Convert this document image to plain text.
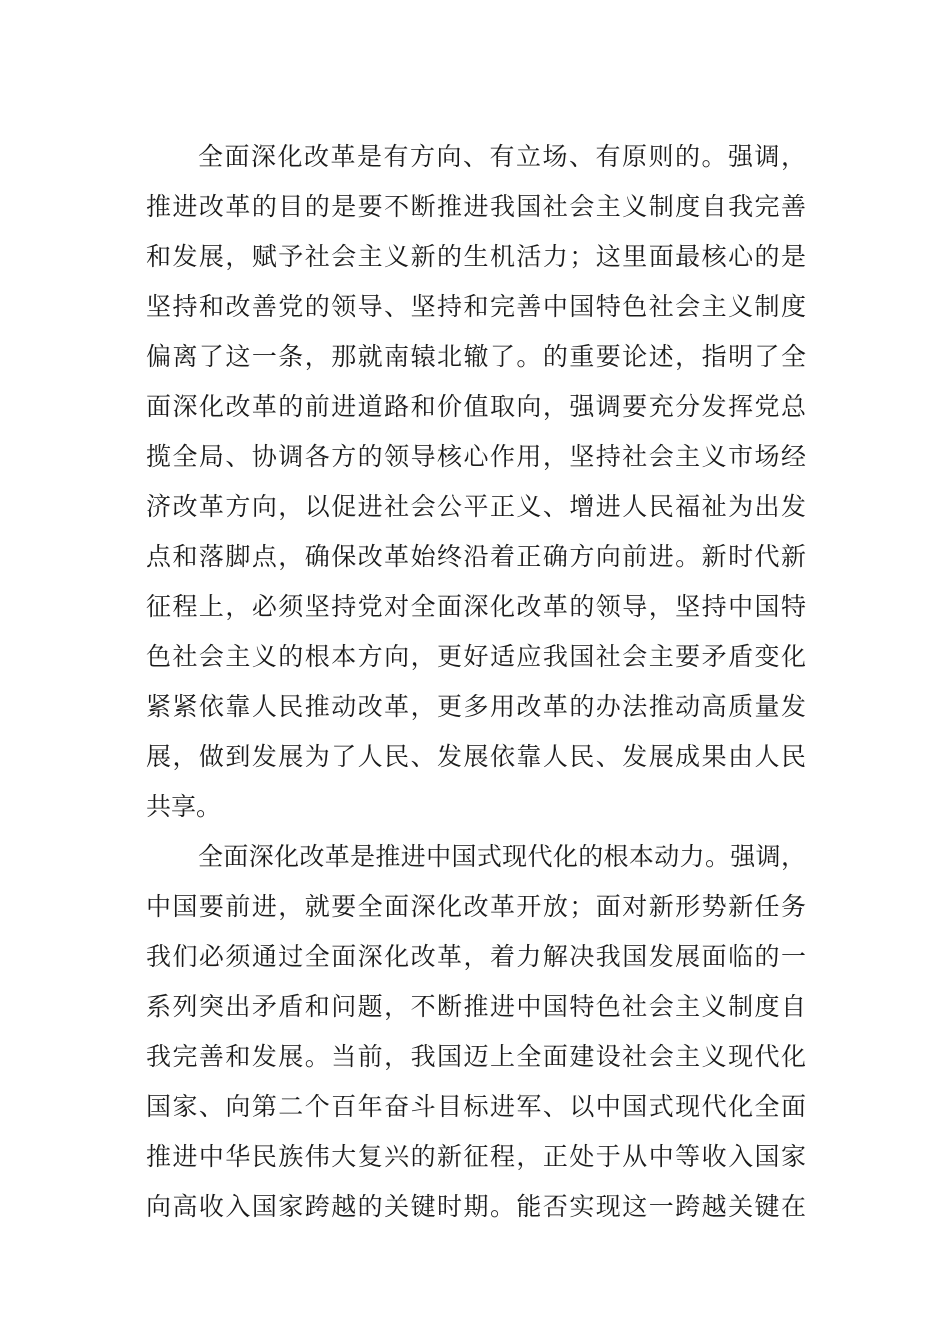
全面深化改革是有方向、有立场、有原则的。强调，
推进改革的目的是要不断推进我国社会主义制度自我完善
和发展，赋予社会主义新的生机活力；这里面最核心的是
坚持和改善党的领导、坚持和完善中国特色社会主义制度
偏离了这一条，那就南辕北辙了。的重要论述，指明了全
面深化改革的前进道路和价值取向，强调要充分发挥党总
揽全局、协调各方的领导核心作用，坚持社会主义市场经
济改革方向，以促进社会公平正义、增进人民福祉为出发
点和落脚点，确保改革始终沿着正确方向前进。新时代新
征程上，必须坚持党对全面深化改革的领导，坚持中国特
色社会主义的根本方向，更好适应我国社会主要矛盾变化
紧紧依靠人民推动改革，更多用改革的办法推动高质量发
展，做到发展为了人民、发展依靠人民、发展成果由人民
共享。
全面深化改革是推进中国式现代化的根本动力。强调，
中国要前进，就要全面深化改革开放；面对新形势新任务
我们必须通过全面深化改革，着力解决我国发展面临的一
系列突出矛盾和问题，不断推进中国特色社会主义制度自
我完善和发展。当前，我国迈上全面建设社会主义现代化
国家、向第二个百年奋斗目标进军、以中国式现代化全面
推进中华民族伟大复兴的新征程，正处于从中等收入国家
向高收入国家跨越的关键时期。能否实现这一跨越关键在
